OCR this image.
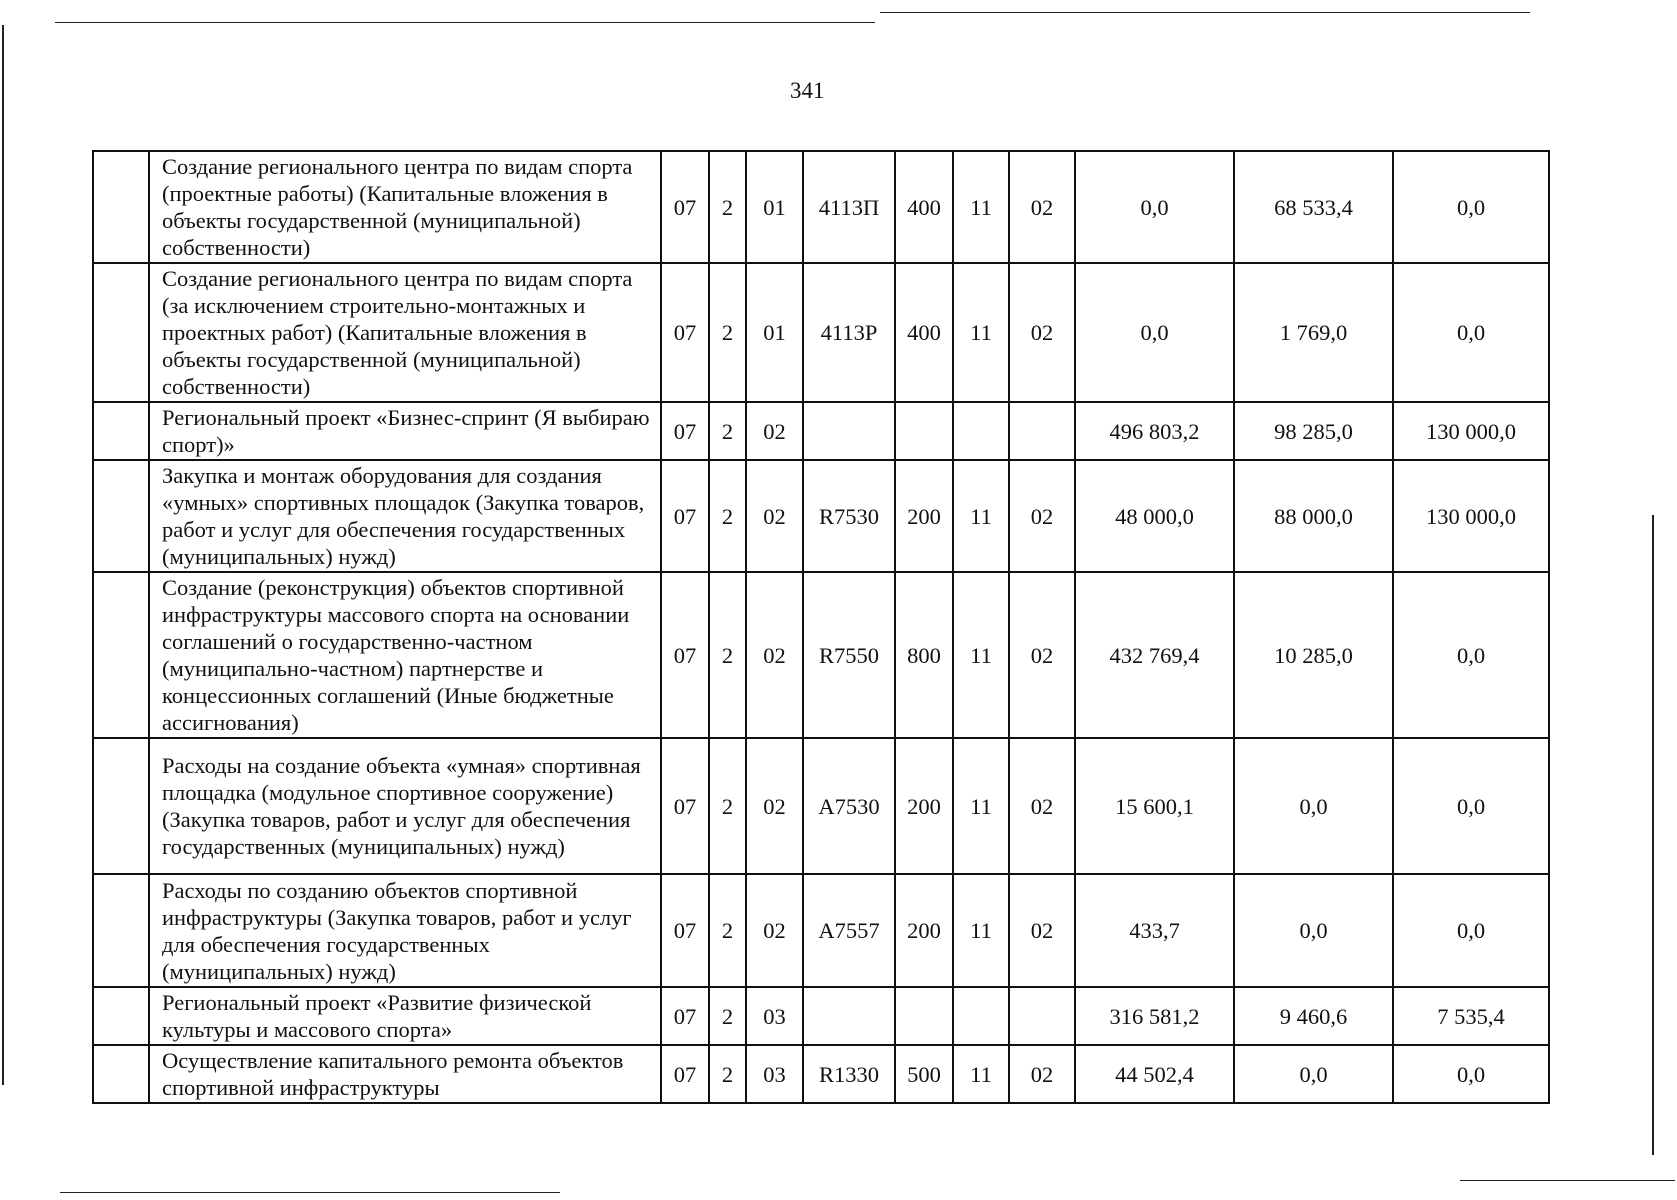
341
	Создание регионального центра по видам спорта (проектные работы) (Капитальные вложения в объекты государственной (муниципальной) собственности)	07	2	01	4113П	400	11	02	0,0	68 533,4	0,0
	Создание регионального центра по видам спорта (за исключением строительно-монтажных и проектных работ) (Капитальные вложения в объекты государственной (муниципальной) собственности)	07	2	01	4113Р	400	11	02	0,0	1 769,0	0,0
	Региональный проект «Бизнес-спринт (Я выбираю спорт)»	07	2	02					496 803,2	98 285,0	130 000,0
	Закупка и монтаж оборудования для создания «умных» спортивных площадок (Закупка товаров, работ и услуг для обеспечения государственных (муниципальных) нужд)	07	2	02	R7530	200	11	02	48 000,0	88 000,0	130 000,0
	Создание (реконструкция) объектов спортивной инфраструктуры массового спорта на основании соглашений о государственно-частном (муниципально-частном) партнерстве и концессионных соглашений (Иные бюджетные ассигнования)	07	2	02	R7550	800	11	02	432 769,4	10 285,0	0,0
	Расходы на создание объекта «умная» спортивная площадка (модульное спортивное сооружение) (Закупка товаров, работ и услуг для обеспечения государственных (муниципальных) нужд)	07	2	02	А7530	200	11	02	15 600,1	0,0	0,0
	Расходы по созданию объектов спортивной инфраструктуры (Закупка товаров, работ и услуг для обеспечения государственных (муниципальных) нужд)	07	2	02	А7557	200	11	02	433,7	0,0	0,0
	Региональный проект «Развитие физической культуры и массового спорта»	07	2	03					316 581,2	9 460,6	7 535,4
	Осуществление капитального ремонта объектов спортивной инфраструктуры	07	2	03	R1330	500	11	02	44 502,4	0,0	0,0
